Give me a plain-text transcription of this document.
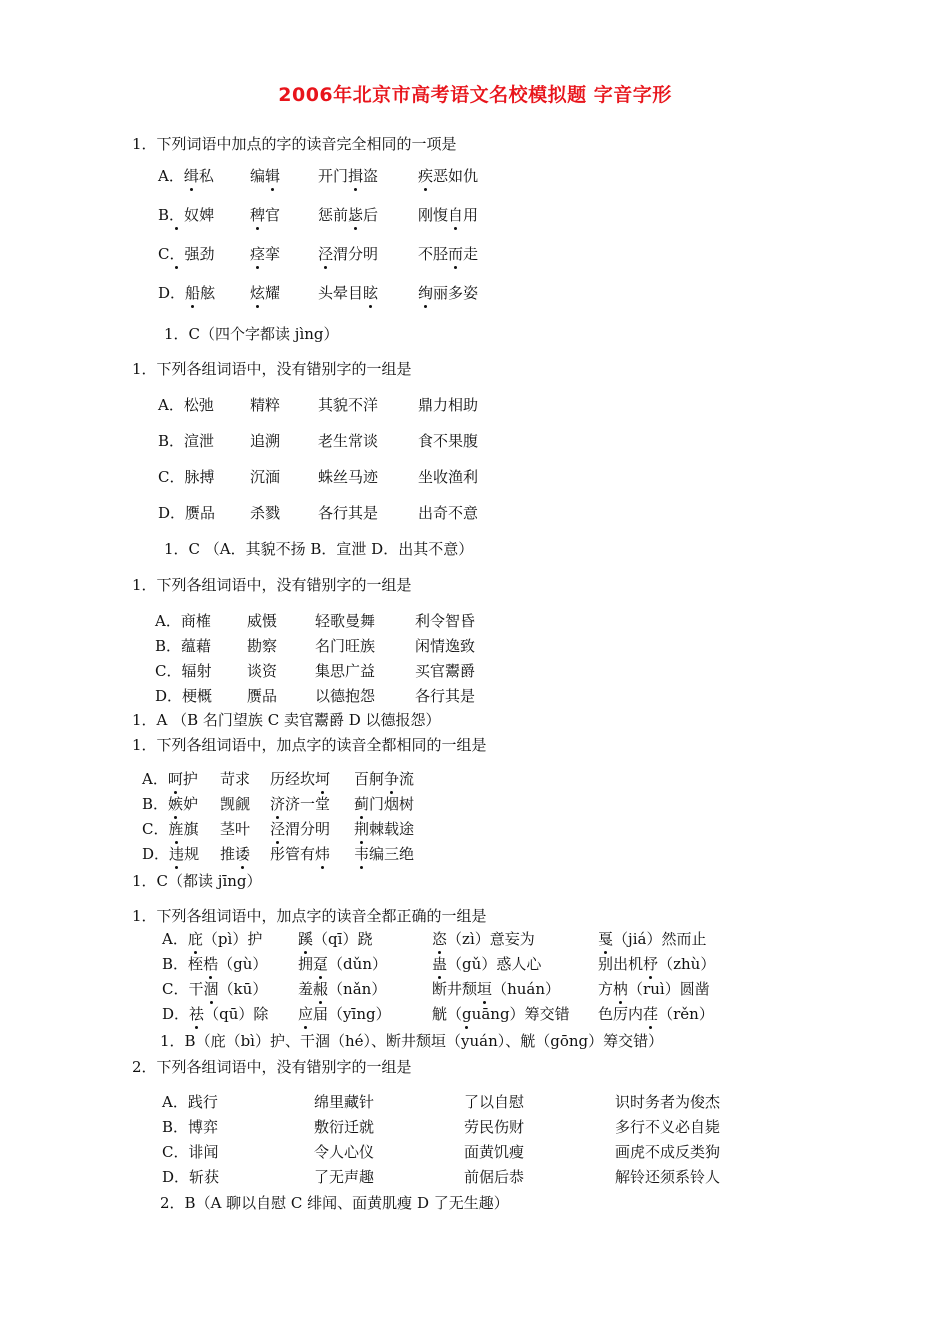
2006年北京市高考语文名校模拟题 字音字形
1．下列词语中加点的字的读音完全相同的一项是
A．缉私 编辑	开门揖盗	疾恶如仇
B．奴婢 稗官	惩前毖后	刚愎自用
C．强劲 痉挛	泾渭分明	不胫而走
D．船舷 炫耀	头晕目眩	绚丽多姿
1．C（四个字都读 jìng）
1．下列各组词语中，没有错别字的一组是
A．松弛 精粹	其貌不洋	鼎力相助
B．渲泄 追溯	老生常谈	食不果腹
C．脉搏 沉湎	蛛丝马迹	坐收渔利
D．赝品 杀戮	各行其是	出奇不意
1．C （A．其貌不扬 B．宣泄 D．出其不意）
1．下列各组词语中，没有错别字的一组是
A．商榷 威慑	轻歌曼舞	利令智昏
B．蕴藉 勘察	名门旺族	闲情逸致
C．辐射 谈资	集思广益	买官鬻爵
D．梗概 赝品	以德抱怨	各行其是
1．A （B 名门望族 C 卖官鬻爵 D 以德报怨）
1．下列各组词语中，加点字的读音全都相同的一组是
A．呵护 苛求 历经坎坷 百舸争流
B．嫉妒 觊觎 济济一堂 蓟门烟树
C．旌旗 茎叶 泾渭分明 荆棘载途
D．违规 推诿 彤管有炜 韦编三绝
1．C（都读 jīng）
1．下列各组词语中，加点字的读音全都正确的一组是
A．庇（pì）护 蹊（qī）跷	恣（zì）意妄为	戛（jiá）然而止
B．桎梏（gù） 拥趸（dǔn）	蛊（gǔ）惑人心	别出机杼（zhù）
C．干涸（kū） 羞赧（nǎn）	断井颓垣（huán）	方枘（ruì）圆凿
D．祛（qū）除 应届（yīng）	觥（guāng）筹交错 色厉内荏（rěn）
1．B（庇（bì）护、干涸（hé）、断井颓垣（yuán）、觥（gōng）筹交错）
2．下列各组词语中，没有错别字的一组是
A．践行	绵里藏针	了以自慰	识时务者为俊杰
B．博弈	敷衍迁就	劳民伤财	多行不义必自毙
C．诽闻	令人心仪	面黄饥瘦	画虎不成反类狗
D．斩获	了无声趣	前倨后恭	解铃还须系铃人
2．B（A 聊以自慰 C 绯闻、面黄肌瘦 D 了无生趣）
